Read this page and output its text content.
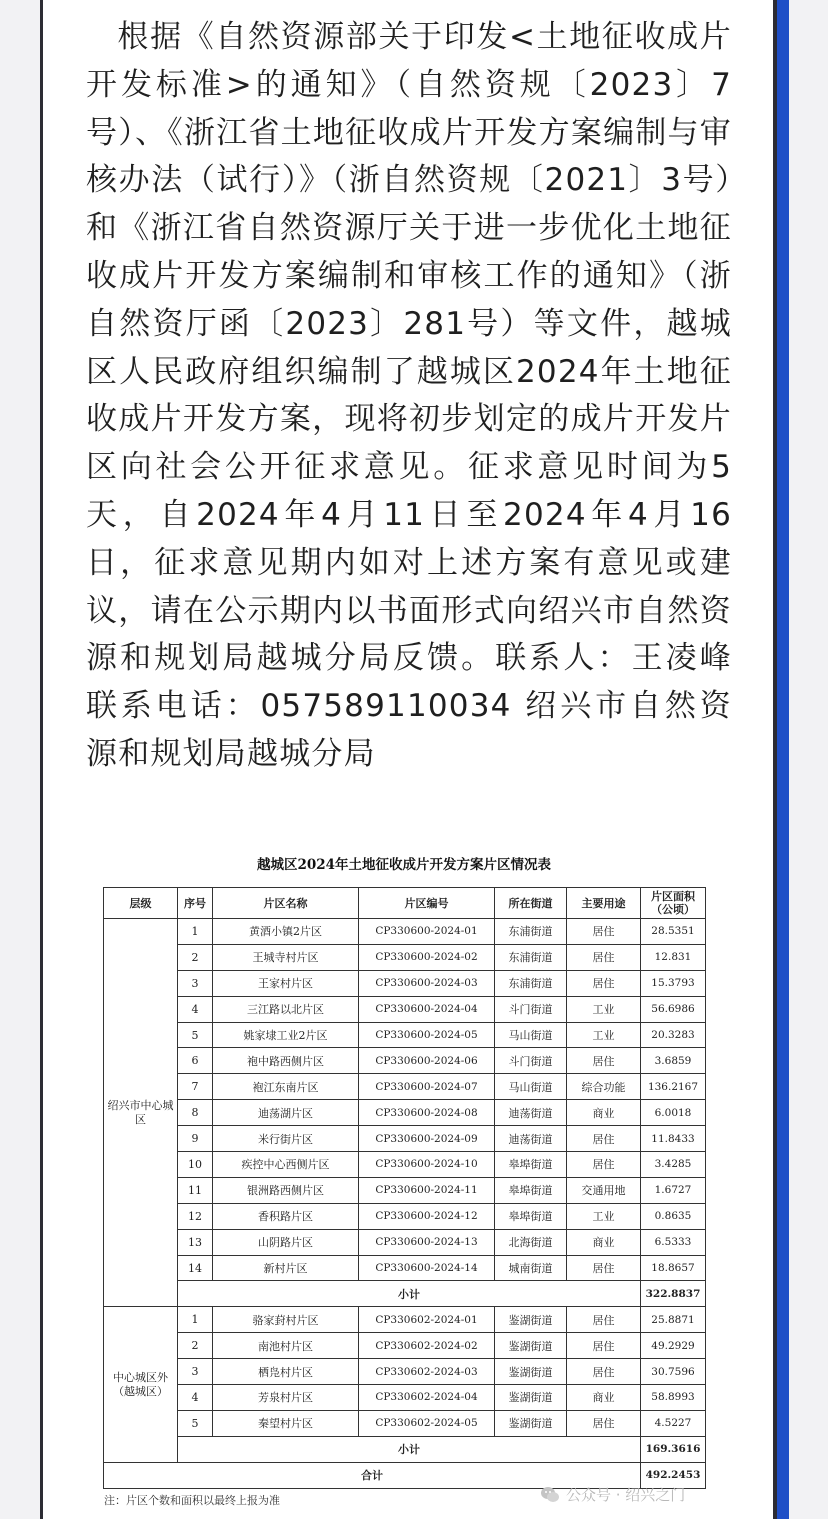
根据《自然资源部关于印发<土地征收成片开发标准>的通知》（自然资规〔2023〕7号）、《浙江省土地征收成片开发方案编制与审核办法（试行）》（浙自然资规〔2021〕3号）和《浙江省自然资源厅关于进一步优化土地征收成片开发方案编制和审核工作的通知》（浙自然资厅函〔2023〕281号）等文件，越城区人民政府组织编制了越城区2024年土地征收成片开发方案，现将初步划定的成片开发片区向社会公开征求意见。征求意见时间为5天，自2024年4月11日至2024年4月16日，征求意见期内如对上述方案有意见或建议，请在公示期内以书面形式向绍兴市自然资源和规划局越城分局反馈。联系人：王凌峰　　联系电话：057589110034 绍兴市自然资源和规划局越城分局
越城区2024年土地征收成片开发方案片区情况表
层级	序号	片区名称	片区编号	所在街道	主要用途	片区面积（公顷）
绍兴市中心城区	1	黄酒小镇2片区	CP330600-2024-01	东浦街道	居住	28.5351
	2	王城寺村片区	CP330600-2024-02	东浦街道	居住	12.831
	3	王家村片区	CP330600-2024-03	东浦街道	居住	15.3793
	4	三江路以北片区	CP330600-2024-04	斗门街道	工业	56.6986
	5	姚家埭工业2片区	CP330600-2024-05	马山街道	工业	20.3283
	6	袍中路西侧片区	CP330600-2024-06	斗门街道	居住	3.6859
	7	袍江东南片区	CP330600-2024-07	马山街道	综合功能	136.2167
	8	迪荡湖片区	CP330600-2024-08	迪荡街道	商业	6.0018
	9	米行街片区	CP330600-2024-09	迪荡街道	居住	11.8433
	10	疾控中心西侧片区	CP330600-2024-10	皋埠街道	居住	3.4285
	11	银洲路西侧片区	CP330600-2024-11	皋埠街道	交通用地	1.6727
	12	香积路片区	CP330600-2024-12	皋埠街道	工业	0.8635
	13	山阴路片区	CP330600-2024-13	北海街道	商业	6.5333
	14	新村片区	CP330600-2024-14	城南街道	居住	18.8657
	小计					322.8837
中心城区外（越城区）	1	骆家葑村片区	CP330602-2024-01	鉴湖街道	居住	25.8871
	2	南池村片区	CP330602-2024-02	鉴湖街道	居住	49.2929
	3	栖凫村片区	CP330602-2024-03	鉴湖街道	居住	30.7596
	4	芳泉村片区	CP330602-2024-04	鉴湖街道	商业	58.8993
	5	秦望村片区	CP330602-2024-05	鉴湖街道	居住	4.5227
	小计					169.3616
合计						492.2453
注：片区个数和面积以最终上报为准	公众号 · 绍兴之门
